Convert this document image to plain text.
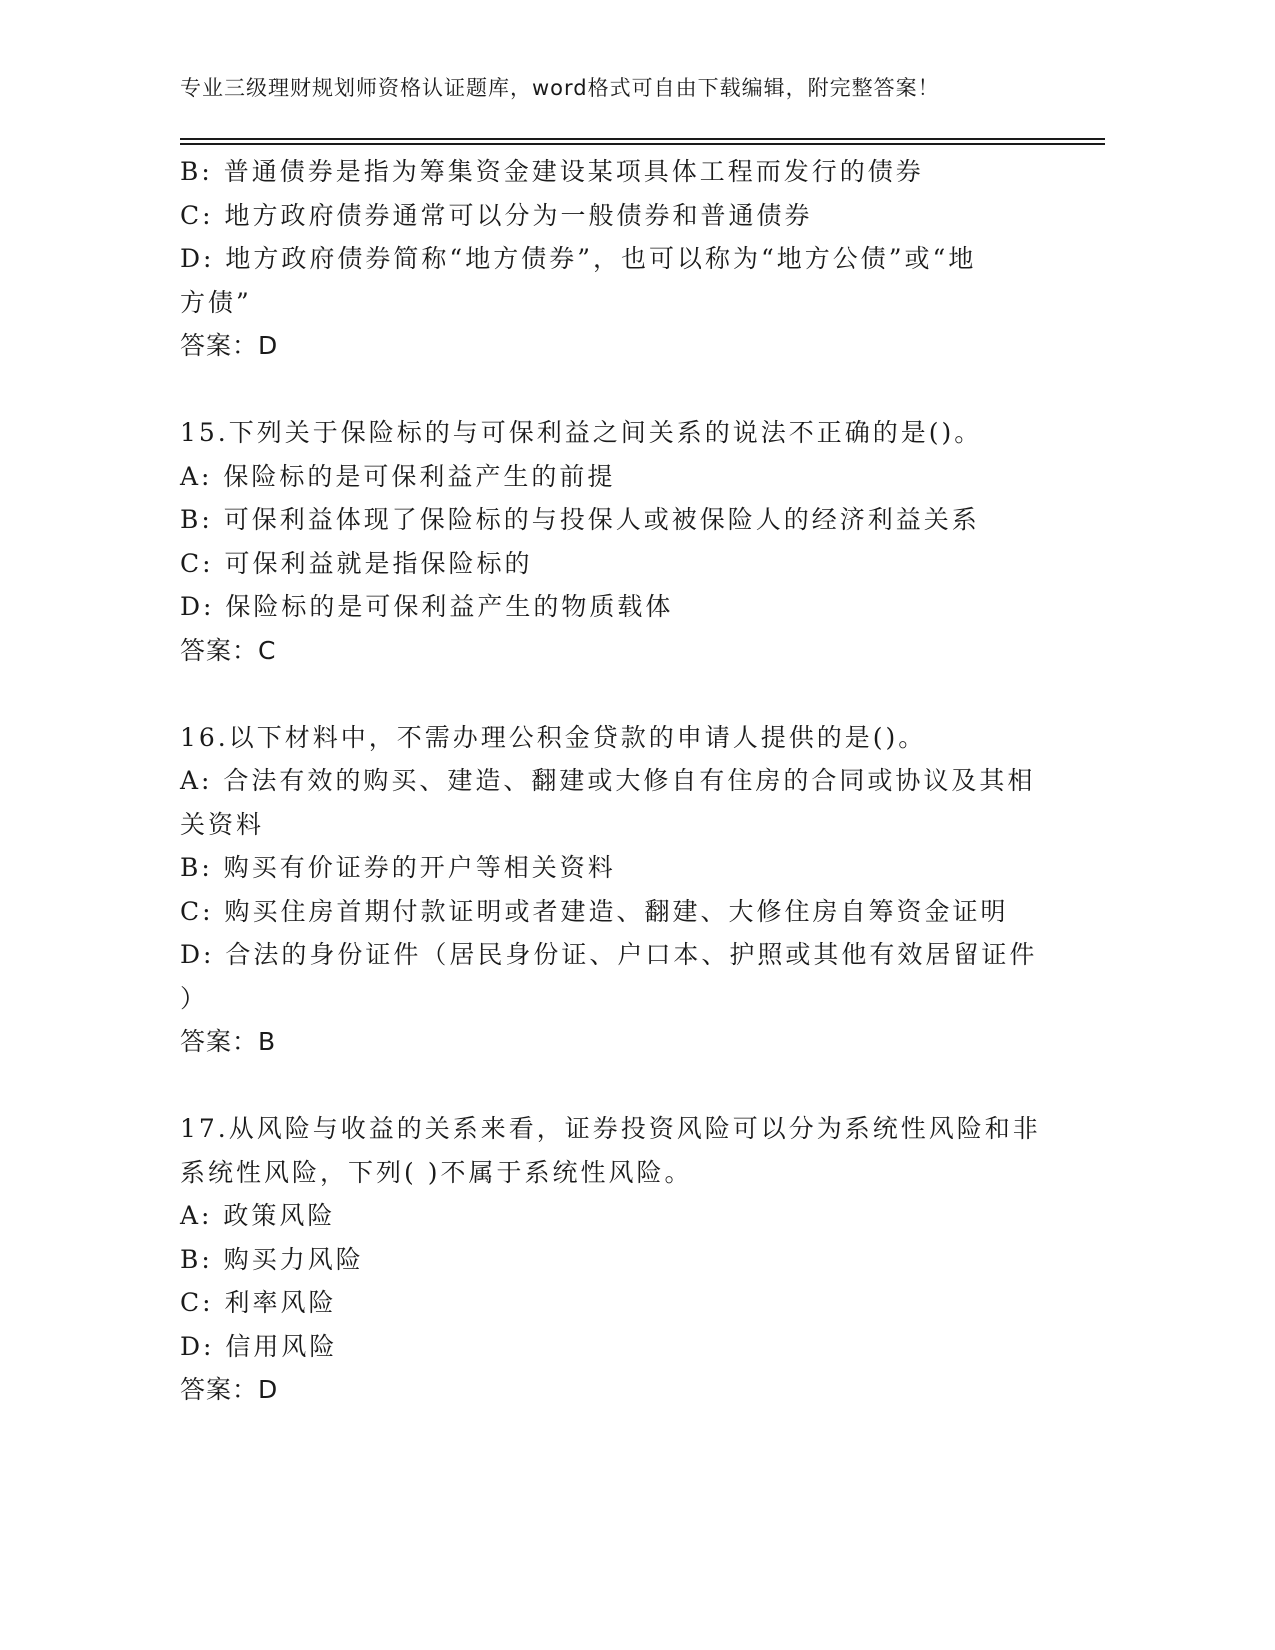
专业三级理财规划师资格认证题库，word格式可自由下载编辑，附完整答案！
B: 普通债券是指为筹集资金建设某项具体工程而发行的债券
C: 地方政府债券通常可以分为一般债券和普通债券
D: 地方政府债券简称“地方债券”，也可以称为“地方公债”或“地
方债”
答案：D
15.下列关于保险标的与可保利益之间关系的说法不正确的是()。
A: 保险标的是可保利益产生的前提
B: 可保利益体现了保险标的与投保人或被保险人的经济利益关系
C: 可保利益就是指保险标的
D: 保险标的是可保利益产生的物质载体
答案：C
16.以下材料中，不需办理公积金贷款的申请人提供的是()。
A: 合法有效的购买、建造、翻建或大修自有住房的合同或协议及其相
关资料
B: 购买有价证券的开户等相关资料
C: 购买住房首期付款证明或者建造、翻建、大修住房自筹资金证明
D: 合法的身份证件（居民身份证、户口本、护照或其他有效居留证件
）
答案：B
17.从风险与收益的关系来看，证券投资风险可以分为系统性风险和非
系统性风险，下列( )不属于系统性风险。
A: 政策风险
B: 购买力风险
C: 利率风险
D: 信用风险
答案：D
